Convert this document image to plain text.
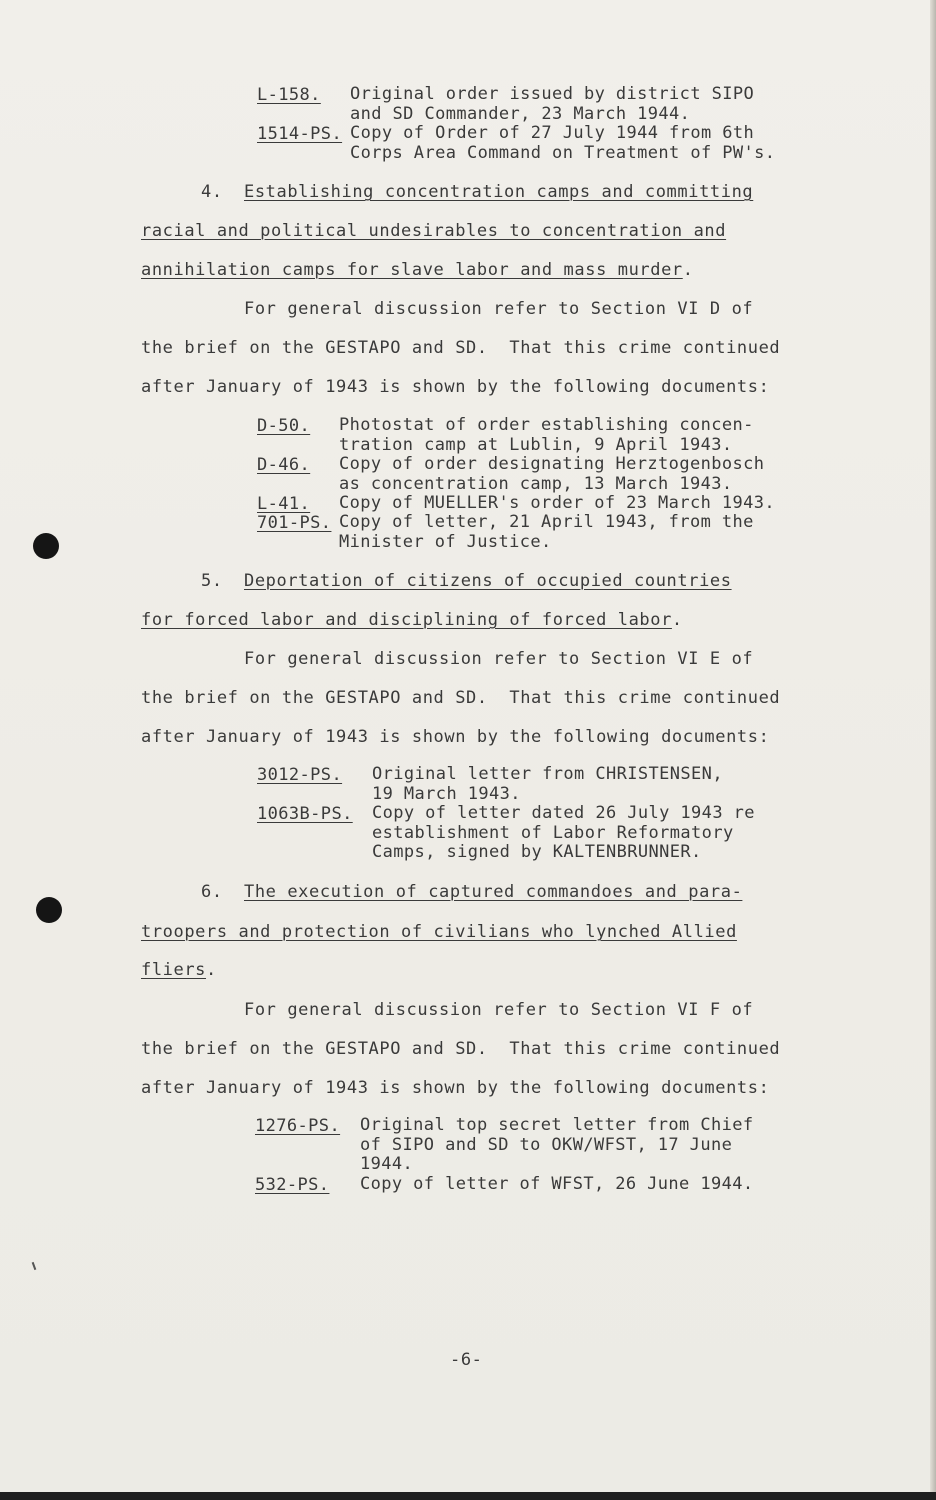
L-158. Original order issued by district SIPO
and SD Commander, 23 March 1944.
1514-PS. Copy of Order of 27 July 1944 from 6th
Corps Area Command on Treatment of PW's.
4. Establishing concentration camps and committing
racial and political undesirables to concentration and
annihilation camps for slave labor and mass murder.
For general discussion refer to Section VI D of
the brief on the GESTAPO and SD.  That this crime continued
after January of 1943 is shown by the following documents:
D-50. Photostat of order establishing concen-
tration camp at Lublin, 9 April 1943.
D-46. Copy of order designating Herztogenbosch
as concentration camp, 13 March 1943.
L-41. Copy of MUELLER's order of 23 March 1943.
701-PS. Copy of letter, 21 April 1943, from the
Minister of Justice.
5. Deportation of citizens of occupied countries
for forced labor and disciplining of forced labor.
For general discussion refer to Section VI E of
the brief on the GESTAPO and SD.  That this crime continued
after January of 1943 is shown by the following documents:
3012-PS. Original letter from CHRISTENSEN,
19 March 1943.
1063B-PS. Copy of letter dated 26 July 1943 re
establishment of Labor Reformatory
Camps, signed by KALTENBRUNNER.
6. The execution of captured commandoes and para-
troopers and protection of civilians who lynched Allied
fliers.
For general discussion refer to Section VI F of
the brief on the GESTAPO and SD.  That this crime continued
after January of 1943 is shown by the following documents:
1276-PS. Original top secret letter from Chief
of SIPO and SD to OKW/WFST, 17 June
1944.
532-PS. Copy of letter of WFST, 26 June 1944.
-6-
